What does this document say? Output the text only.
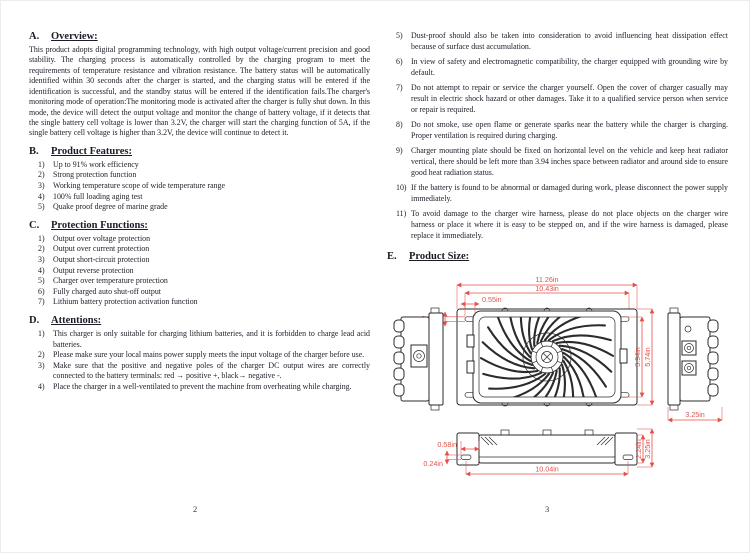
A.	Overview:
This product adopts digital programming technology, with high output voltage/current precision and good stability. The charging process is automatically controlled by the charging program to meet the requirements of temperature resistance and vibration resistance. The battery status will be automatically identified within 30 seconds after the charger is started, and the charging status will be entered if the identification is successful, and the standby status will be entered if the identification fails.The charger's monitoring mode of operation:The monitoring mode is activated after the charger is fully shut down. In this mode, the device will detect the output voltage and monitor the change of battery voltage, if it detects that the single battery cell voltage is lower than 3.2V, the charger will start the charging function of 5A, if the single battery cell voltage is higher than 3.2V, the device will continue to detect it.
B.	Product Features:
1)	Up to 91% work efficiency
2)	Strong protection function
3)	Working temperature scope of wide temperature range
4)	100% full loading aging test
5)	Quake proof degree of marine grade
C.	Protection Functions:
1)	Output over voltage protection
2)	Output over current protection
3)	Output short-circuit protection
4)	Output reverse protection
5)	Charger over temperature protection
6)	Fully charged auto shut-off output
7)	Lithium battery protection activation function
D.	Attentions:
1)	This charger is only suitable for charging lithium batteries, and it is forbidden to charge lead acid batteries.
2)	Please make sure your local mains power supply meets the input voltage of the charger before use.
3)	Make sure that the positive and negative poles of the charger DC output wires are correctly connected to the battery terminals: red → positive +, black→ negative -.
4)	Place the charger in a well-ventilated to prevent the machine from overheating while charging.
5)	Dust-proof should also be taken into consideration to avoid influencing heat dissipation effect because of surface dust accumulation.
6)	In view of safety and electromagnetic compatibility, the charger equipped with grounding wire by default.
7)	Do not attempt to repair or service the charger yourself. Open the cover of charger casually may result in electric shock hazard or other damages. Take it to a qualified service person when service or repair is required.
8)	Do not smoke, use open flame or generate sparks near the battery while the charger is charging. Proper ventilation is required during charging.
9)	Charger mounting plate should be fixed on horizontal level on the vehicle and keep heat radiator vertical, there should be left more than 3.94 inches space between radiator and around side to ensure good heat radiation status.
10) If the battery is found to be abnormal or damaged during work, please disconnect the power supply immediately.
11) To avoid damage to the charger wire harness, please do not place objects on the charger wire harness or place it where it is easy to be stepped on, and if the wire harness is damaged, please replace it immediately.
E.	Product Size:
11.26in
10.43in
0.55in
3.94in 5.74in
3.25in
0.58in
0.24in
10.04in
2.24in 3.25in
2	3
